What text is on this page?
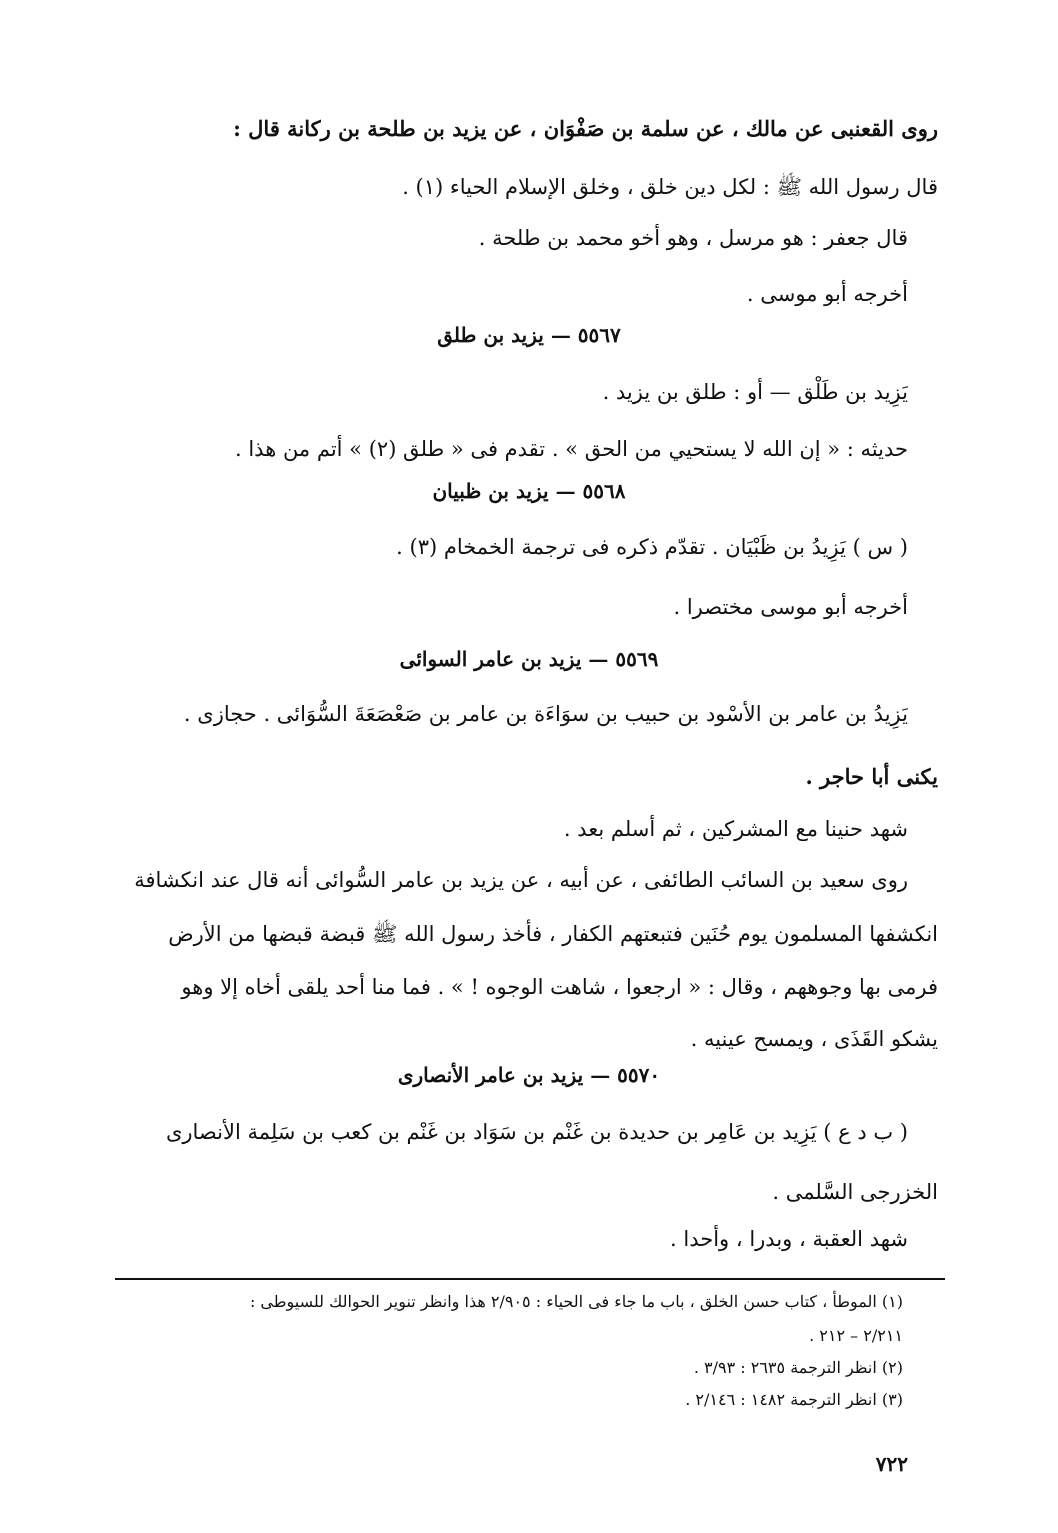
روى القعنبى عن مالك ، عن سلمة بن صَفْوَان ، عن يزيد بن طلحة بن ركانة قال :
قال رسول الله ﷺ : لكل دين خلق ، وخلق الإسلام الحياء (١) .
قال جعفر : هو مرسل ، وهو أخو محمد بن طلحة .
أخرجه أبو موسى .
٥٥٦٧ — يزيد بن طلق
يَزِيد بن طَلْق — أو : طلق بن يزيد .
حديثه : « إن الله لا يستحيي من الحق » . تقدم فى « طلق (٢) » أتم من هذا .
٥٥٦٨ — يزيد بن ظبيان
( س ) يَزِيدُ بن ظَبْيَان . تقدّم ذكره فى ترجمة الخمخام (٣) .
أخرجه أبو موسى مختصرا .
٥٥٦٩ — يزيد بن عامر السوائى
يَزِيدُ بن عامر بن الأسْود بن حبيب بن سوَاءَة بن عامر بن صَعْصَعَةَ السُّوَائى . حجازى .
يكنى أبا حاجر .
شهد حنينا مع المشركين ، ثم أسلم بعد .
روى سعيد بن السائب الطائفى ، عن أبيه ، عن يزيد بن عامر السُّوائى أنه قال عند انكشافة
انكشفها المسلمون يوم حُنَين فتبعتهم الكفار ، فأخذ رسول الله ﷺ قبضة قبضها من الأرض
فرمى بها وجوههم ، وقال : « ارجعوا ، شاهت الوجوه ! » . فما منا أحد يلقى أخاه إلا وهو
يشكو القَذَى ، ويمسح عينيه .
٥٥٧٠ — يزيد بن عامر الأنصارى
( ب د ع ) يَزِيد بن عَامِر بن حديدة بن غَنْم بن سَوَاد بن غَنْم بن كعب بن سَلِمة الأنصارى
الخزرجى السَّلمى .
شهد العقبة ، وبدرا ، وأحدا .
(١) الموطأ ، كتاب حسن الخلق ، باب ما جاء فى الحياء : ٢/٩٠٥ هذا وانظر تنوير الحوالك للسيوطى :
٢/٢١١ – ٢١٢ .
(٢) انظر الترجمة ٢٦٣٥ : ٣/٩٣ .
(٣) انظر الترجمة ١٤٨٢ : ٢/١٤٦ .
٧٢٢
